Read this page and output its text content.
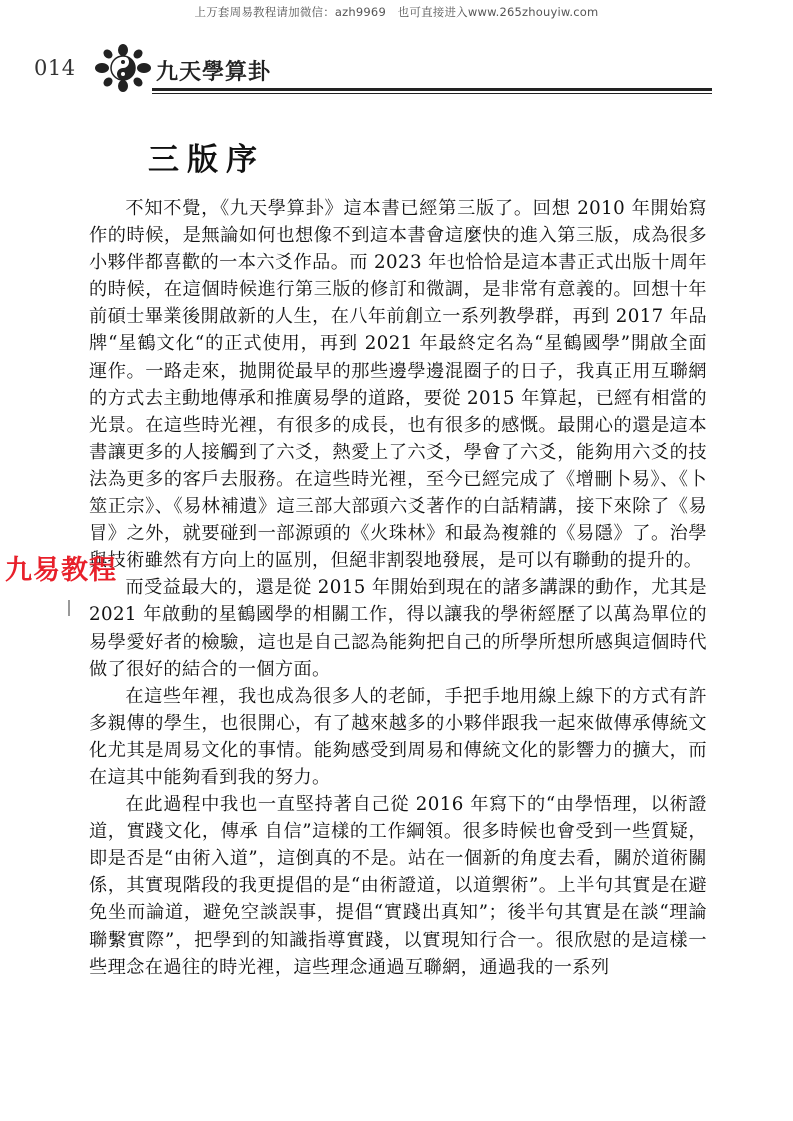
上万套周易教程请加微信：azh9969　也可直接进入www.265zhouyiw.com
014	九天學算卦
三版序

不知不覺，《九天學算卦》這本書已經第三版了。回想 2010 年開始寫作的時候，是無論如何也想像不到這本書會這麼快的進入第三版，成為很多小夥伴都喜歡的一本六爻作品。而 2023 年也恰恰是這本書正式出版十周年的時候，在這個時候進行第三版的修訂和微調，是非常有意義的。回想十年前碩士畢業後開啟新的人生，在八年前創立一系列教學群，再到 2017 年品牌“星鶴文化“的正式使用，再到 2021 年最終定名為“星鶴國學”開啟全面運作。一路走來，拋開從最早的那些邊學邊混圈子的日子，我真正用互聯網的方式去主動地傳承和推廣易學的道路，要從 2015 年算起，已經有相當的光景。在這些時光裡，有很多的成長，也有很多的感慨。最開心的還是這本書讓更多的人接觸到了六爻，熱愛上了六爻，學會了六爻，能夠用六爻的技法為更多的客戶去服務。在這些時光裡，至今已經完成了《增刪卜易》、《卜筮正宗》、《易林補遺》這三部大部頭六爻著作的白話精講，接下來除了《易冒》之外，就要碰到一部源頭的《火珠林》和最為複雜的《易隱》了。治學與技術雖然有方向上的區別，但絕非割裂地發展，是可以有聯動的提升的。

而受益最大的，還是從 2015 年開始到現在的諸多講課的動作，尤其是 2021 年啟動的星鶴國學的相關工作，得以讓我的學術經歷了以萬為單位的易學愛好者的檢驗，這也是自己認為能夠把自己的所學所想所感與這個時代做了很好的結合的一個方面。

在這些年裡，我也成為很多人的老師，手把手地用線上線下的方式有許多親傳的學生，也很開心，有了越來越多的小夥伴跟我一起來做傳承傳統文化尤其是周易文化的事情。能夠感受到周易和傳統文化的影響力的擴大，而在這其中能夠看到我的努力。

在此過程中我也一直堅持著自己從 2016 年寫下的“由學悟理，以術證道，實踐文化，傳承 自信”這樣的工作綱領。很多時候也會受到一些質疑，即是否是“由術入道”，這倒真的不是。站在一個新的角度去看，關於道術關係，其實現階段的我更提倡的是“由術證道，以道禦術”。上半句其實是在避免坐而論道，避免空談誤事，提倡“實踐出真知”；後半句其實是在談“理論聯繫實際”，把學到的知識指導實踐，以實現知行合一。很欣慰的是這樣一些理念在過往的時光裡，這些理念通過互聯網，通過我的一系列

九易教程
